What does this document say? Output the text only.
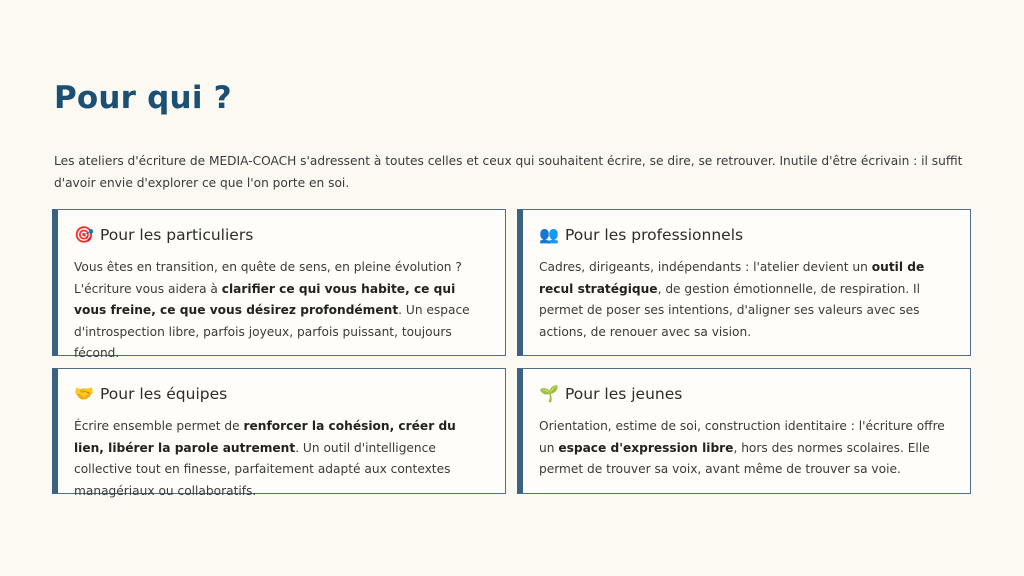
Pour qui ?

Les ateliers d'écriture de MEDIA-COACH s'adressent à toutes celles et ceux qui souhaitent écrire, se dire, se retrouver. Inutile d'être écrivain : il suffit d'avoir envie d'explorer ce que l'on porte en soi.

🎯 Pour les particuliers

Vous êtes en transition, en quête de sens, en pleine évolution ? L'écriture vous aidera à clarifier ce qui vous habite, ce qui vous freine, ce que vous désirez profondément. Un espace d'introspection libre, parfois joyeux, parfois puissant, toujours fécond.

👥 Pour les professionnels

Cadres, dirigeants, indépendants : l'atelier devient un outil de recul stratégique, de gestion émotionnelle, de respiration. Il permet de poser ses intentions, d'aligner ses valeurs avec ses actions, de renouer avec sa vision.

🤝 Pour les équipes

Écrire ensemble permet de renforcer la cohésion, créer du lien, libérer la parole autrement. Un outil d'intelligence collective tout en finesse, parfaitement adapté aux contextes managériaux ou collaboratifs.

🌱 Pour les jeunes

Orientation, estime de soi, construction identitaire : l'écriture offre un espace d'expression libre, hors des normes scolaires. Elle permet de trouver sa voix, avant même de trouver sa voie.
